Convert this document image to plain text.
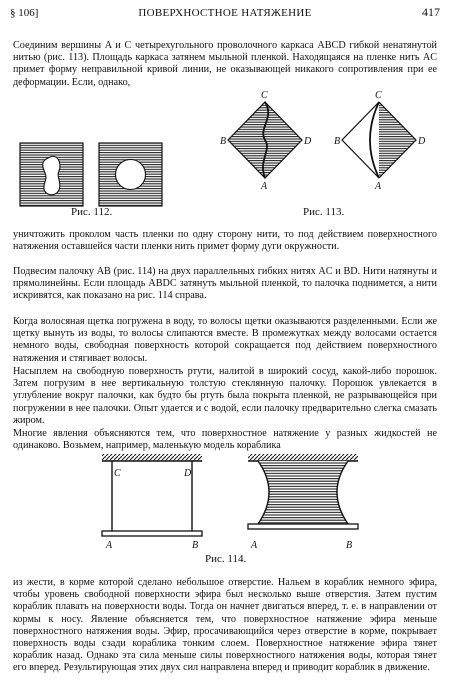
§ 106]	ПОВЕРХНОСТНОЕ НАТЯЖЕНИЕ	417

Соединим вершины A и C четырехугольного проволочного каркаса ABCD гибкой ненатянутой нитью (рис. 113). Площадь каркаса затянем мыльной пленкой. Находящаяся на пленке нить AC примет форму неправильной кривой линии, не оказывающей никакого сопротивления при ее деформации. Если, однако,

Рис. 112.
C
B	D
A
C
B	D
A
Рис. 113.

уничтожить проколом часть пленки по одну сторону нити, то под действием поверхностного натяжения оставшейся части пленки нить примет форму дуги окружности.

Подвесим палочку AB (рис. 114) на двух параллельных гибких нитях AC и BD. Нити натянуты и прямолинейны. Если площадь ABDC затянуть мыльной пленкой, то палочка поднимется, а нити искривятся, как показано на рис. 114 справа.

Когда волосяная щетка погружена в воду, то волосы щетки оказываются разделенными. Если же щетку вынуть из воды, то волосы слипаются вместе. В промежутках между волосами остается немного воды, свободная поверхность которой сокращается под действием поверхностного натяжения и стягивает волосы.

Насыплем на свободную поверхность ртути, налитой в широкий сосуд, какой-либо порошок. Затем погрузим в нее вертикальную толстую стеклянную палочку. Порошок увлекается в углубление вокруг палочки, как будто бы ртуть была покрыта пленкой, не разрывающейся при погружении в нее палочки. Опыт удается и с водой, если палочку предварительно слегка смазать жиром.

Многие явления объясняются тем, что поверхностное натяжение у разных жидкостей не одинаково. Возьмем, например, маленькую модель кораблика

C	D
A	B	A	B
Рис. 114.

из жести, в корме которой сделано небольшое отверстие. Нальем в кораблик немного эфира, чтобы уровень свободной поверхности эфира был несколько выше отверстия. Затем пустим кораблик плавать на поверхности воды. Тогда он начнет двигаться вперед, т. е. в направлении от кормы к носу. Явление объясняется тем, что поверхностное натяжение эфира меньше поверхностного натяжения воды. Эфир, просачивающийся через отверстие в корме, покрывает поверхность воды сзади кораблика тонким слоем. Поверхностное натяжение эфира тянет кораблик назад. Однако эта сила меньше силы поверхностного натяжения воды, которая тянет его вперед. Результирующая этих двух сил направлена вперед и приводит кораблик в движение.
